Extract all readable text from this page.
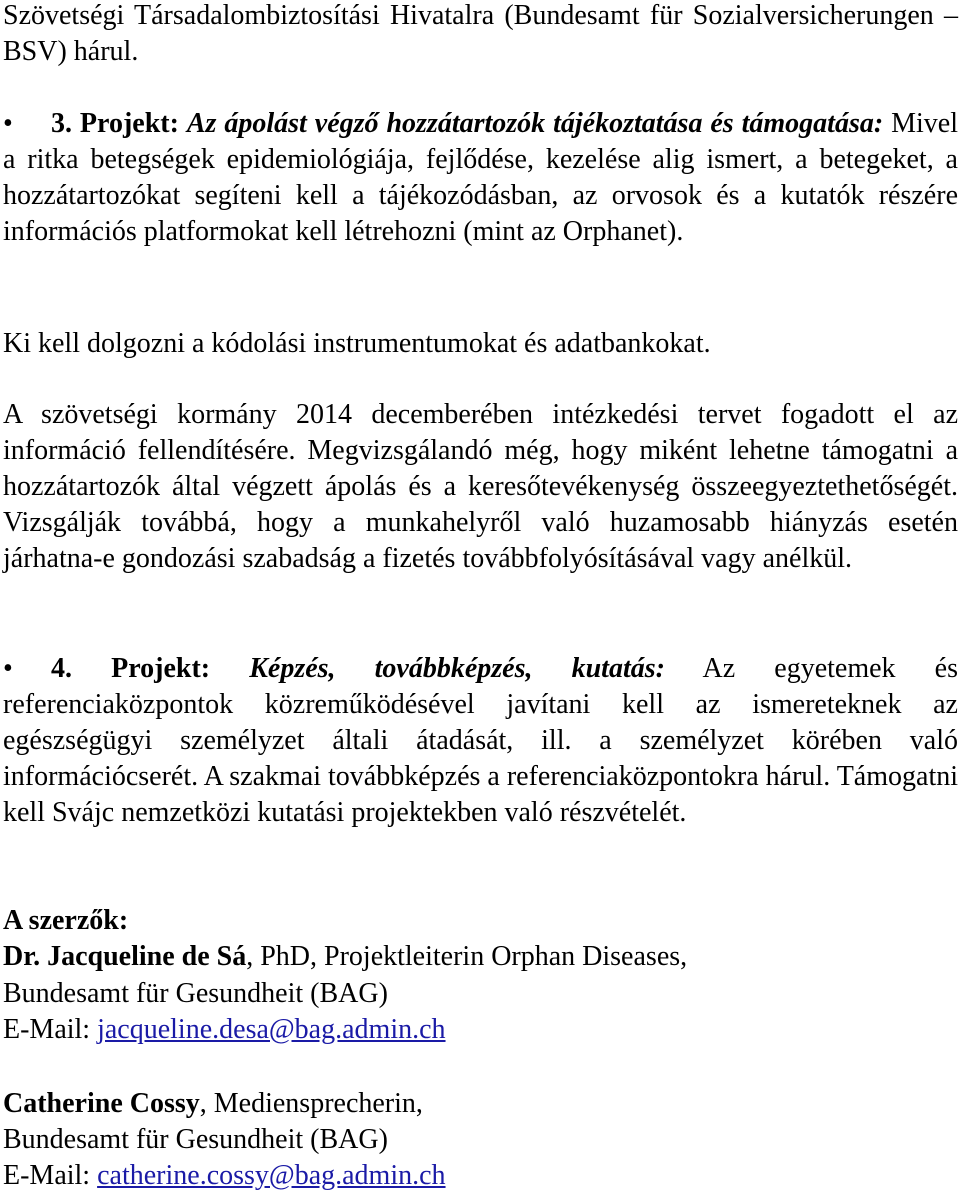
Szövetségi Társadalombiztosítási Hivatalra (Bundesamt für Sozialversicherungen – BSV) hárul.

• 3. Projekt: Az ápolást végző hozzátartozók tájékoztatása és támogatása: Mivel a ritka betegségek epidemiológiája, fejlődése, kezelése alig ismert, a betegeket, a hozzátartozókat segíteni kell a tájékozódásban, az orvosok és a kutatók részére információs platformokat kell létrehozni (mint az Orphanet).

Ki kell dolgozni a kódolási instrumentumokat és adatbankokat.

A szövetségi kormány 2014 decemberében intézkedési tervet fogadott el az információ fellendítésére. Megvizsgálandó még, hogy miként lehetne támogatni a hozzátartozók által végzett ápolás és a keresőtevékenység összeegyeztethetőségét. Vizsgálják továbbá, hogy a munkahelyről való huzamosabb hiányzás esetén járhatna-e gondozási szabadság a fizetés továbbfolyósításával vagy anélkül.

• 4. Projekt: Képzés, továbbképzés, kutatás: Az egyetemek és referenciaközpontok közreműködésével javítani kell az ismereteknek az egészségügyi személyzet általi átadását, ill. a személyzet körében való információcserét. A szakmai továbbképzés a referenciaközpontokra hárul. Támogatni kell Svájc nemzetközi kutatási projektekben való részvételét.

A szerzők:

Dr. Jacqueline de Sá, PhD, Projektleiterin Orphan Diseases,

Bundesamt für Gesundheit (BAG)

E-Mail: jacqueline.desa@bag.admin.ch

Catherine Cossy, Mediensprecherin,

Bundesamt für Gesundheit (BAG)

E-Mail: catherine.cossy@bag.admin.ch
